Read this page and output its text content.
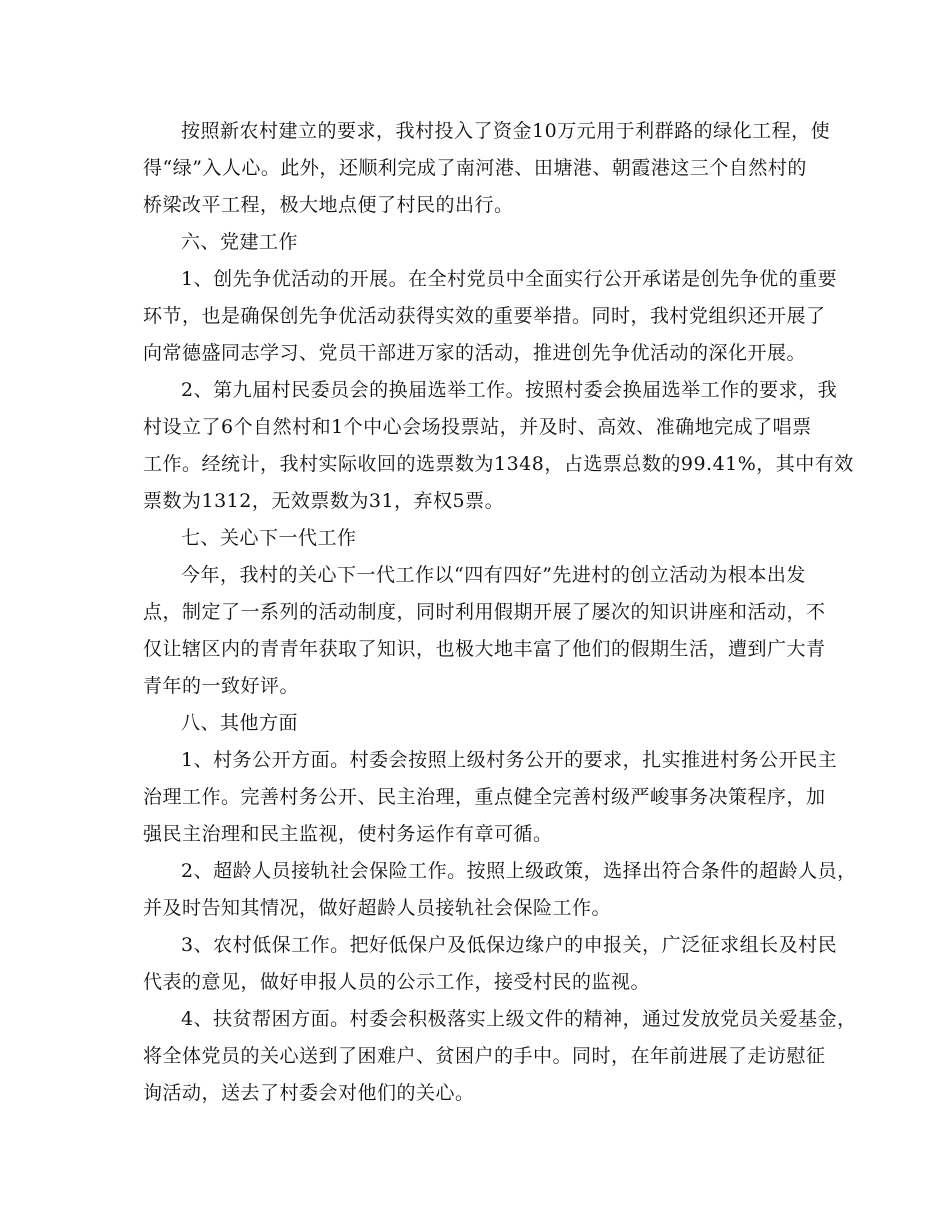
按照新农村建立的要求，我村投入了资金10万元用于利群路的绿化工程，使
得“绿”入人心。此外，还顺利完成了南河港、田塘港、朝霞港这三个自然村的
桥梁改平工程，极大地点便了村民的出行。
六、党建工作
1、创先争优活动的开展。在全村党员中全面实行公开承诺是创先争优的重要
环节，也是确保创先争优活动获得实效的重要举措。同时，我村党组织还开展了
向常德盛同志学习、党员干部进万家的活动，推进创先争优活动的深化开展。
2、第九届村民委员会的换届选举工作。按照村委会换届选举工作的要求，我
村设立了6个自然村和1个中心会场投票站，并及时、高效、准确地完成了唱票
工作。经统计，我村实际收回的选票数为1348，占选票总数的99.41%，其中有效
票数为1312，无效票数为31，弃权5票。
七、关心下一代工作
今年，我村的关心下一代工作以“四有四好”先进村的创立活动为根本出发
点，制定了一系列的活动制度，同时利用假期开展了屡次的知识讲座和活动，不
仅让辖区内的青青年获取了知识，也极大地丰富了他们的假期生活，遭到广大青
青年的一致好评。
八、其他方面
1、村务公开方面。村委会按照上级村务公开的要求，扎实推进村务公开民主
治理工作。完善村务公开、民主治理，重点健全完善村级严峻事务决策程序，加
强民主治理和民主监视，使村务运作有章可循。
2、超龄人员接轨社会保险工作。按照上级政策，选择出符合条件的超龄人员，
并及时告知其情况，做好超龄人员接轨社会保险工作。
3、农村低保工作。把好低保户及低保边缘户的申报关，广泛征求组长及村民
代表的意见，做好申报人员的公示工作，接受村民的监视。
4、扶贫帮困方面。村委会积极落实上级文件的精神，通过发放党员关爱基金，
将全体党员的关心送到了困难户、贫困户的手中。同时，在年前进展了走访慰征
询活动，送去了村委会对他们的关心。
